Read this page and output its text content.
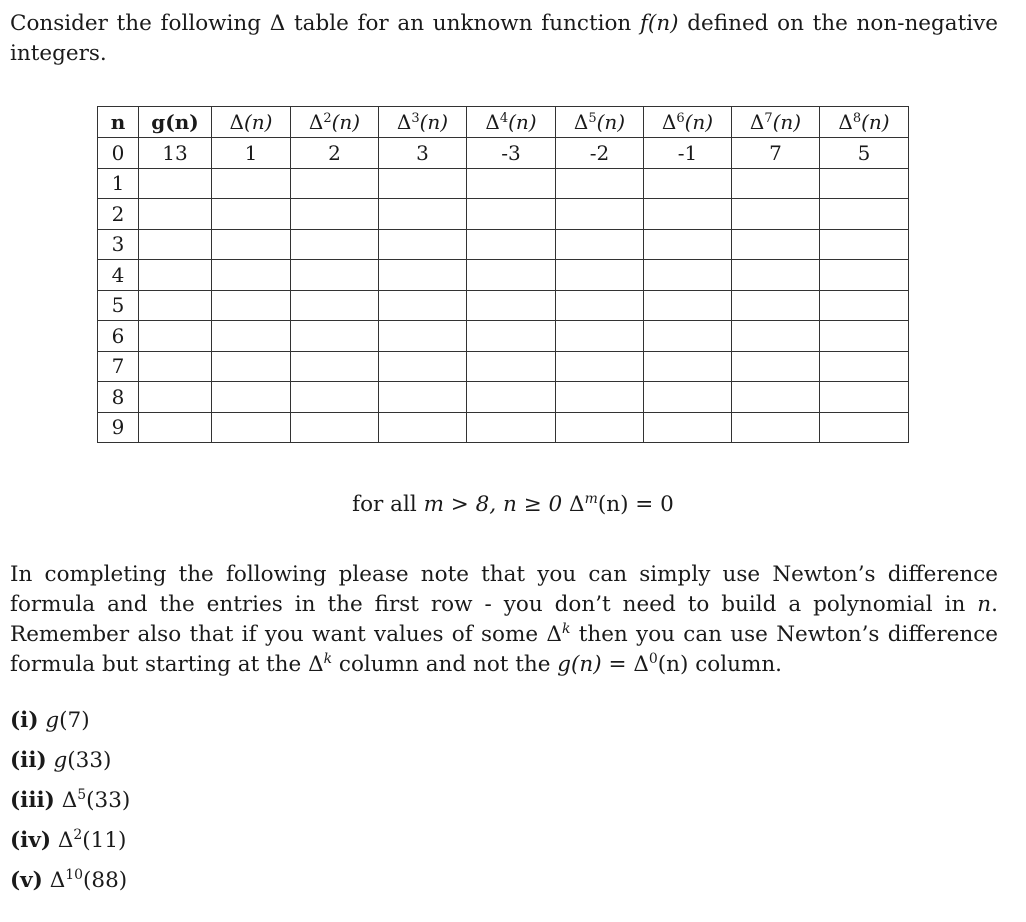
Consider the following Δ table for an unknown function f(n) defined on the non-negative integers.
n	g(n)	Δ(n)	$\Delta^2(n)$	$\Delta^3(n)$	$\Delta^4(n)$	$\Delta^5(n)$	$\Delta^6(n)$	$\Delta^7(n)$	$\Delta^8(n)$
0	13	1	2	3	-3	-2	-1	7	5
1									
2									
3									
4									
5									
6									
7									
8									
9									
for all m > 8, n ≥ 0 $\Delta^m(n) = 0$
In completing the following please note that you can simply use Newton’s difference formula and the entries in the first row - you don’t need to build a polynomial in n. Remember also that if you want values of some $\Delta^k$ then you can use Newton’s difference formula but starting at the $\Delta^k$ column and not the $g(n) = \Delta^0(n)$ column.
(i) g(7)
(ii) g(33)
(iii) $\Delta^5(33)$
(iv) $\Delta^2(11)$
(v) $\Delta^{10}(88)$
